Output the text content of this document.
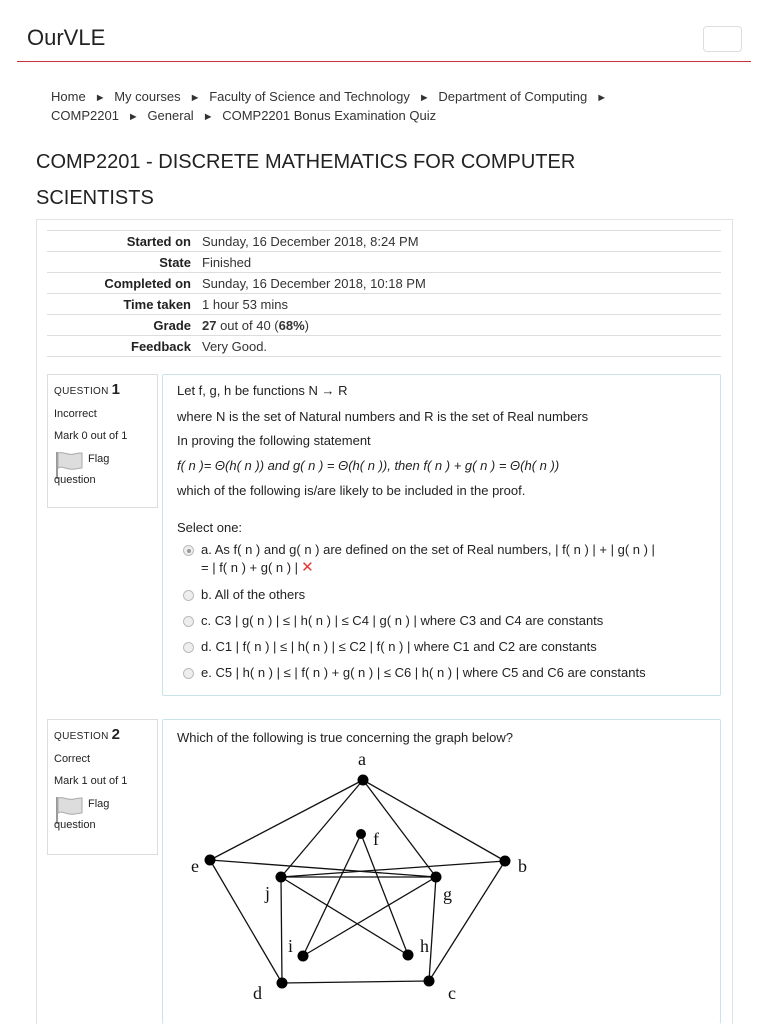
OurVLE
Home ► My courses ► Faculty of Science and Technology ► Department of Computing ►
COMP2201 ► General ► COMP2201 Bonus Examination Quiz
COMP2201 - DISCRETE MATHEMATICS FOR COMPUTER SCIENTISTS
Started on	Sunday, 16 December 2018, 8:24 PM
State	Finished
Completed on	Sunday, 16 December 2018, 10:18 PM
Time taken	1 hour 53 mins
Grade	27 out of 40 (68%)
Feedback	Very Good.
QUESTION 1
Incorrect
Mark 0 out of 1
Flag
question
Let f, g, h be functions N → R
where N is the set of Natural numbers and R is the set of Real numbers
In proving the following statement
f( n )= Θ(h( n )) and g( n ) = Θ(h( n )), then f( n ) + g( n ) = Θ(h( n ))
which of the following is/are likely to be included in the proof.
Select one:
a. As f( n ) and g( n ) are defined on the set of Real numbers, | f( n ) | + | g( n ) |
= | f( n ) + g( n ) | ✕
b. All of the others
c. C3 | g( n ) | ≤ | h( n ) | ≤ C4 | g( n ) | where C3 and C4 are constants
d. C1 | f( n ) | ≤ | h( n ) | ≤ C2 | f( n ) | where C1 and C2 are constants
e. C5 | h( n ) | ≤ | f( n ) + g( n ) | ≤ C6 | h( n ) | where C5 and C6 are constants
QUESTION 2
Correct
Mark 1 out of 1
Flag
question
Which of the following is true concerning the graph below?
a
b
c
d
e
f
g
h
i
j
